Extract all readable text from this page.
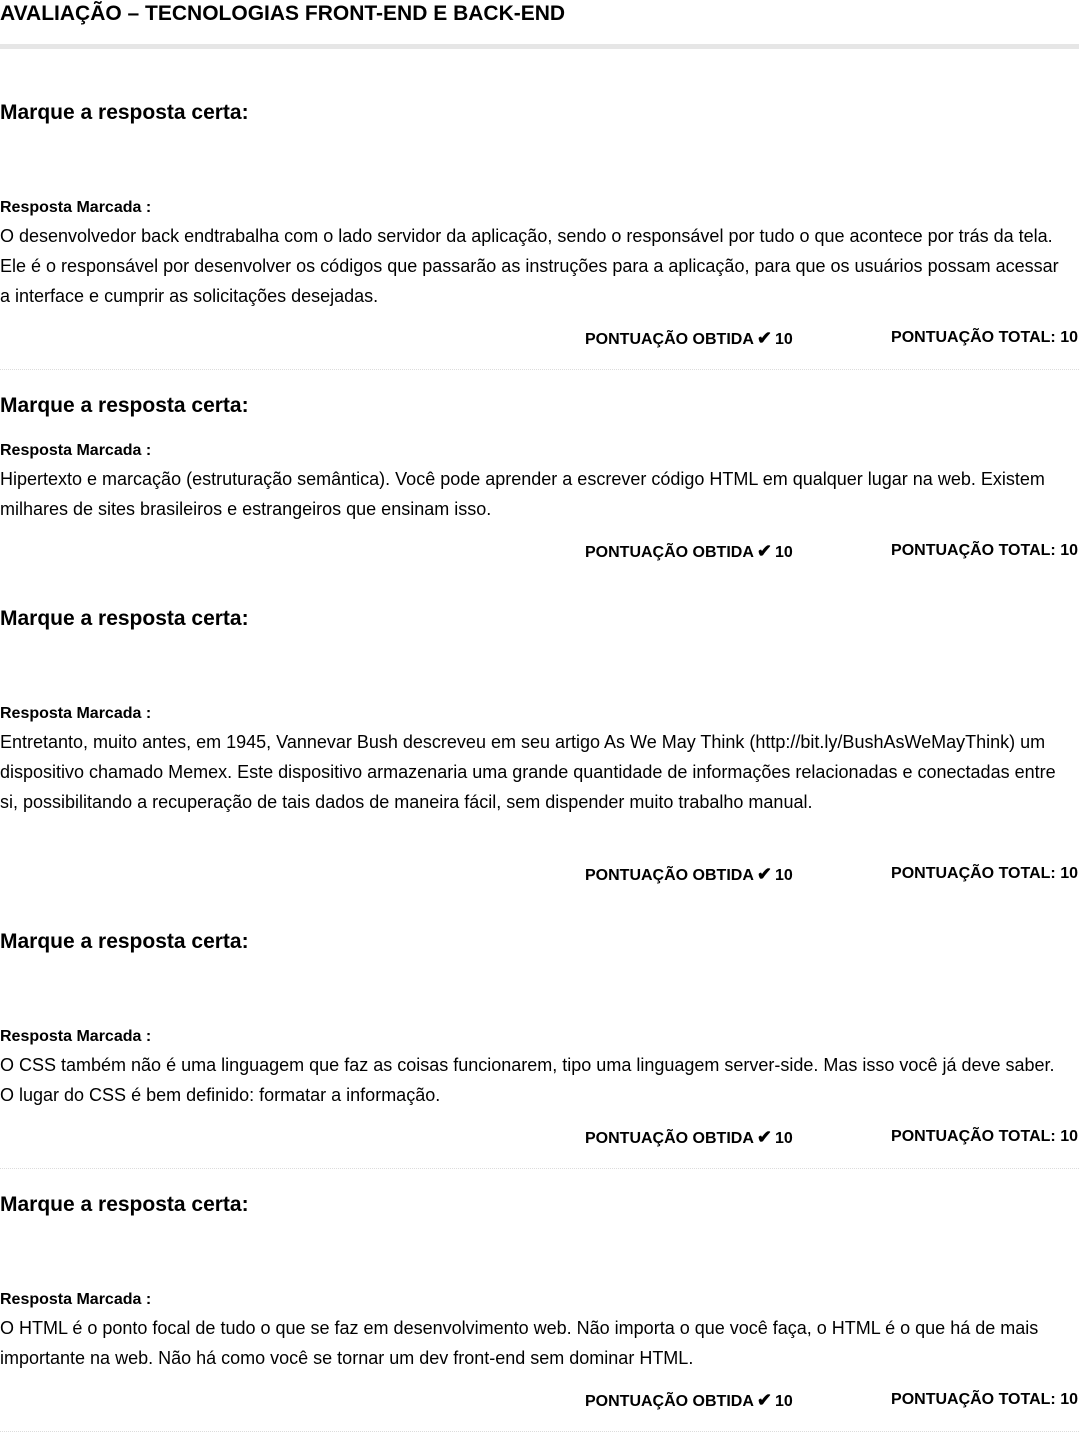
AVALIAÇÃO – TECNOLOGIAS FRONT-END E BACK-END
Marque a resposta certa:
Resposta Marcada :

O desenvolvedor back endtrabalha com o lado servidor da aplicação, sendo o responsável por tudo o que acontece por trás da tela. Ele é o responsável por desenvolver os códigos que passarão as instruções para a aplicação, para que os usuários possam acessar a interface e cumprir as solicitações desejadas.

PONTUAÇÃO OBTIDA ✔ 10	PONTUAÇÃO TOTAL: 10
Marque a resposta certa:
Resposta Marcada :

Hipertexto e marcação (estruturação semântica). Você pode aprender a escrever código HTML em qualquer lugar na web. Existem milhares de sites brasileiros e estrangeiros que ensinam isso.

PONTUAÇÃO OBTIDA ✔ 10	PONTUAÇÃO TOTAL: 10
Marque a resposta certa:
Resposta Marcada :

Entretanto, muito antes, em 1945, Vannevar Bush descreveu em seu artigo As We May Think (http://bit.ly/BushAsWeMayThink) um dispositivo chamado Memex. Este dispositivo armazenaria uma grande quantidade de informações relacionadas e conectadas entre si, possibilitando a recuperação de tais dados de maneira fácil, sem dispender muito trabalho manual.

PONTUAÇÃO OBTIDA ✔ 10	PONTUAÇÃO TOTAL: 10
Marque a resposta certa:
Resposta Marcada :

O CSS também não é uma linguagem que faz as coisas funcionarem, tipo uma linguagem server-side. Mas isso você já deve saber. O lugar do CSS é bem definido: formatar a informação.

PONTUAÇÃO OBTIDA ✔ 10	PONTUAÇÃO TOTAL: 10
Marque a resposta certa:
Resposta Marcada :

O HTML é o ponto focal de tudo o que se faz em desenvolvimento web. Não importa o que você faça, o HTML é o que há de mais importante na web. Não há como você se tornar um dev front-end sem dominar HTML.

PONTUAÇÃO OBTIDA ✔ 10	PONTUAÇÃO TOTAL: 10
